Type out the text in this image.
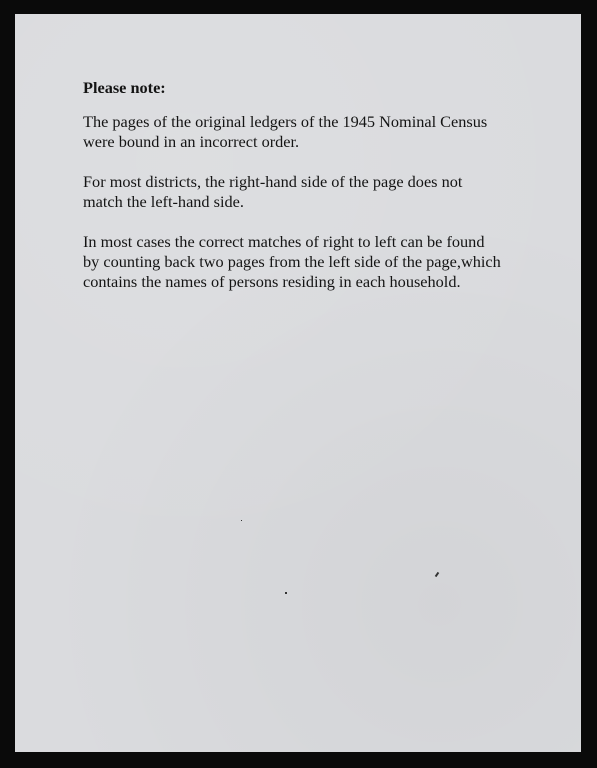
Please note:

The pages of the original ledgers of the 1945 Nominal Census
were bound in an incorrect order.

For most districts, the right-hand side of the page does not
match the left-hand side.

In most cases the correct matches of right to left can be found
by counting back two pages from the left side of the page,which
contains the names of persons residing in each household.
